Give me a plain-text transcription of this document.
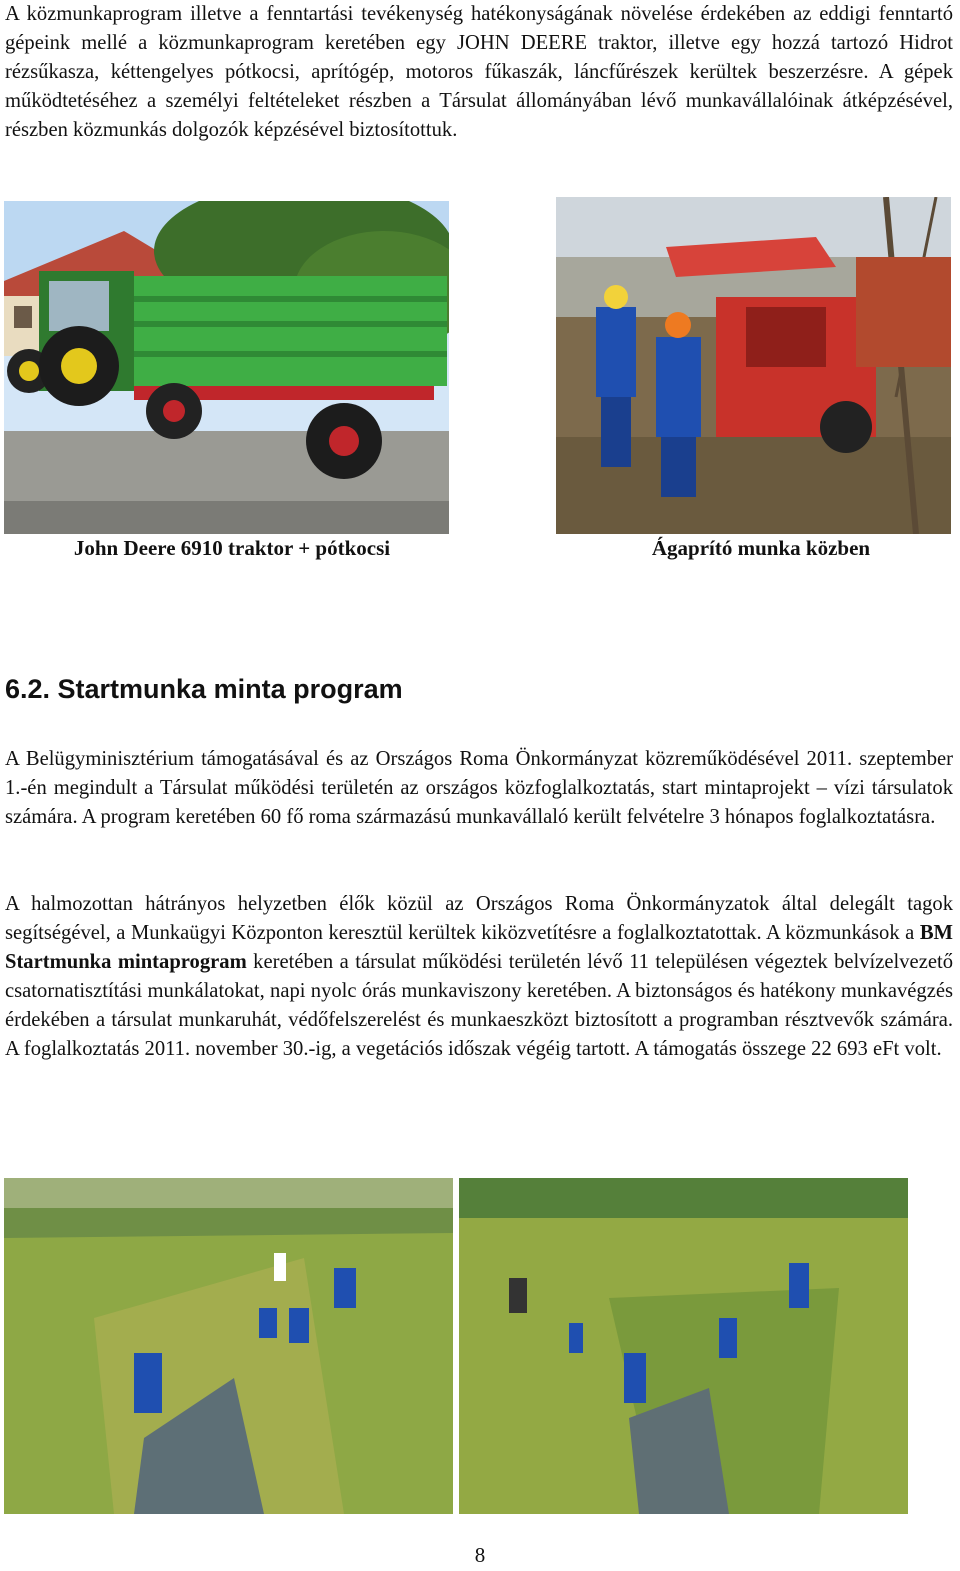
A közmunkaprogram illetve a fenntartási tevékenység hatékonyságának növelése érdekében az eddigi fenntartó gépeink mellé a közmunkaprogram keretében egy JOHN DEERE traktor, illetve egy hozzá tartozó Hidrot rézsűkasza, kéttengelyes pótkocsi, aprítógép, motoros fűkaszák, láncfűrészek kerültek beszerzésre. A gépek működtetéséhez a személyi feltételeket részben a Társulat állományában lévő munkavállalóinak átképzésével, részben közmunkás dolgozók képzésével biztosítottuk.

John Deere 6910 traktor + pótkocsi	Ágaprító munka közben
6.2. Startmunka minta program

A Belügyminisztérium támogatásával és az Országos Roma Önkormányzat közreműködésével 2011. szeptember 1.-én megindult a Társulat működési területén az országos közfoglalkoztatás, start mintaprojekt – vízi társulatok számára. A program keretében 60 fő roma származású munkavállaló került felvételre 3 hónapos foglalkoztatásra.

A halmozottan hátrányos helyzetben élők közül az Országos Roma Önkormányzatok által delegált tagok segítségével, a Munkaügyi Központon keresztül kerültek kiközvetítésre a foglalkoztatottak. A közmunkások a BM Startmunka mintaprogram keretében a társulat működési területén lévő 11 településen végeztek belvízelvezető csatornatisztítási munkálatokat, napi nyolc órás munkaviszony keretében. A biztonságos és hatékony munkavégzés érdekében a társulat munkaruhát, védőfelszerelést és munkaeszközt biztosított a programban résztvevők számára. A foglalkoztatás 2011. november 30.-ig, a vegetációs időszak végéig tartott. A támogatás összege 22 693 eFt volt.

8
